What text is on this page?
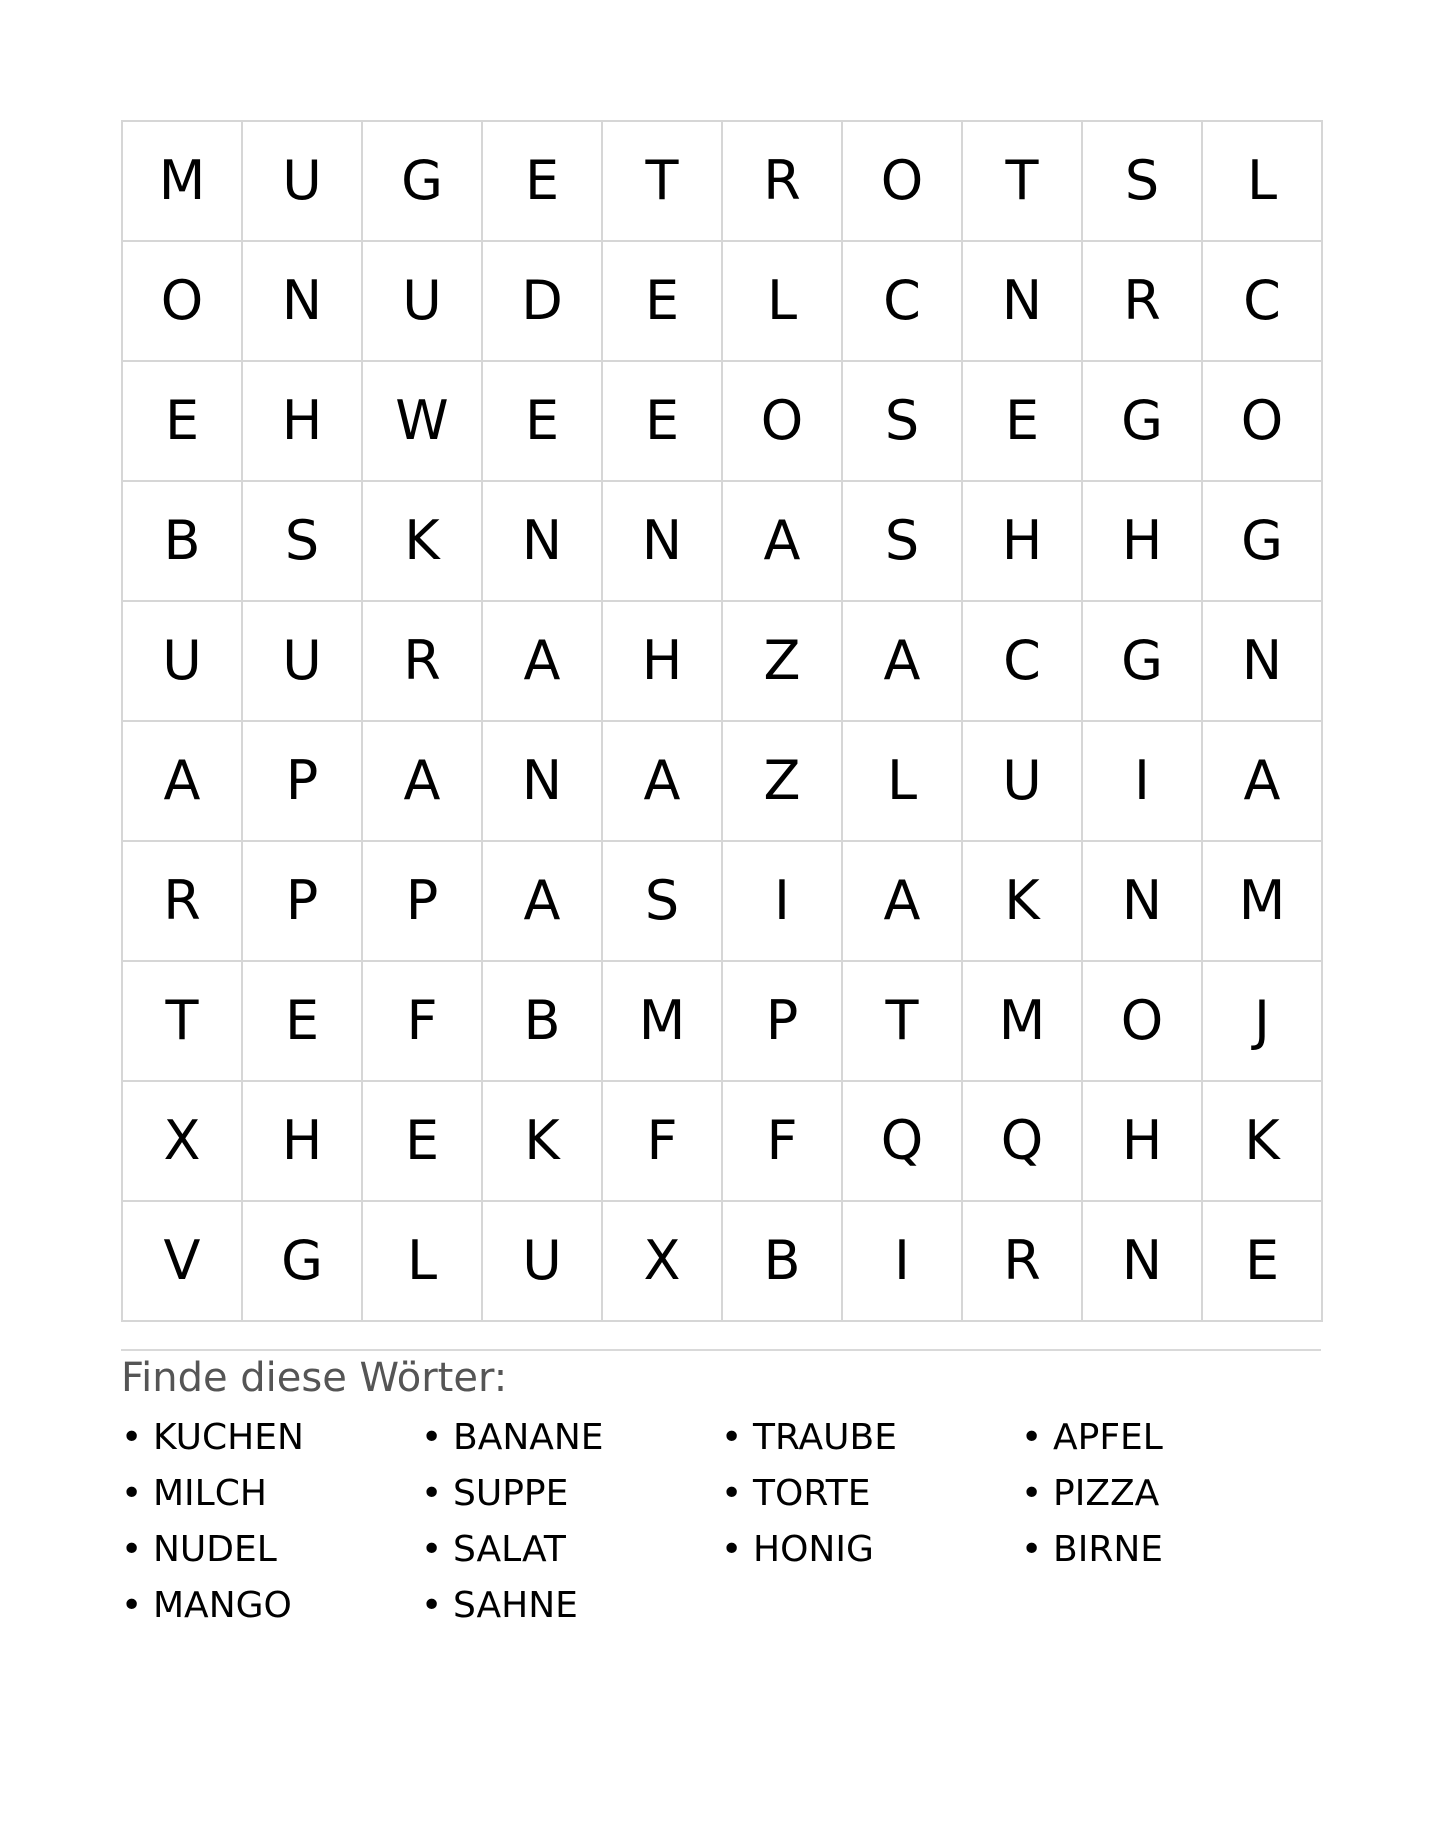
M	U	G	E	T	R	O	T	S	L
O	N	U	D	E	L	C	N	R	C
E	H	W	E	E	O	S	E	G	O
B	S	K	N	N	A	S	H	H	G
U	U	R	A	H	Z	A	C	G	N
A	P	A	N	A	Z	L	U	I	A
R	P	P	A	S	I	A	K	N	M
T	E	F	B	M	P	T	M	O	J
X	H	E	K	F	F	Q	Q	H	K
V	G	L	U	X	B	I	R	N	E
Finde diese Wörter:
• KUCHEN	• BANANE	• TRAUBE	• APFEL
• MILCH	• SUPPE	• TORTE	• PIZZA
• NUDEL	• SALAT	• HONIG	• BIRNE
• MANGO	• SAHNE
